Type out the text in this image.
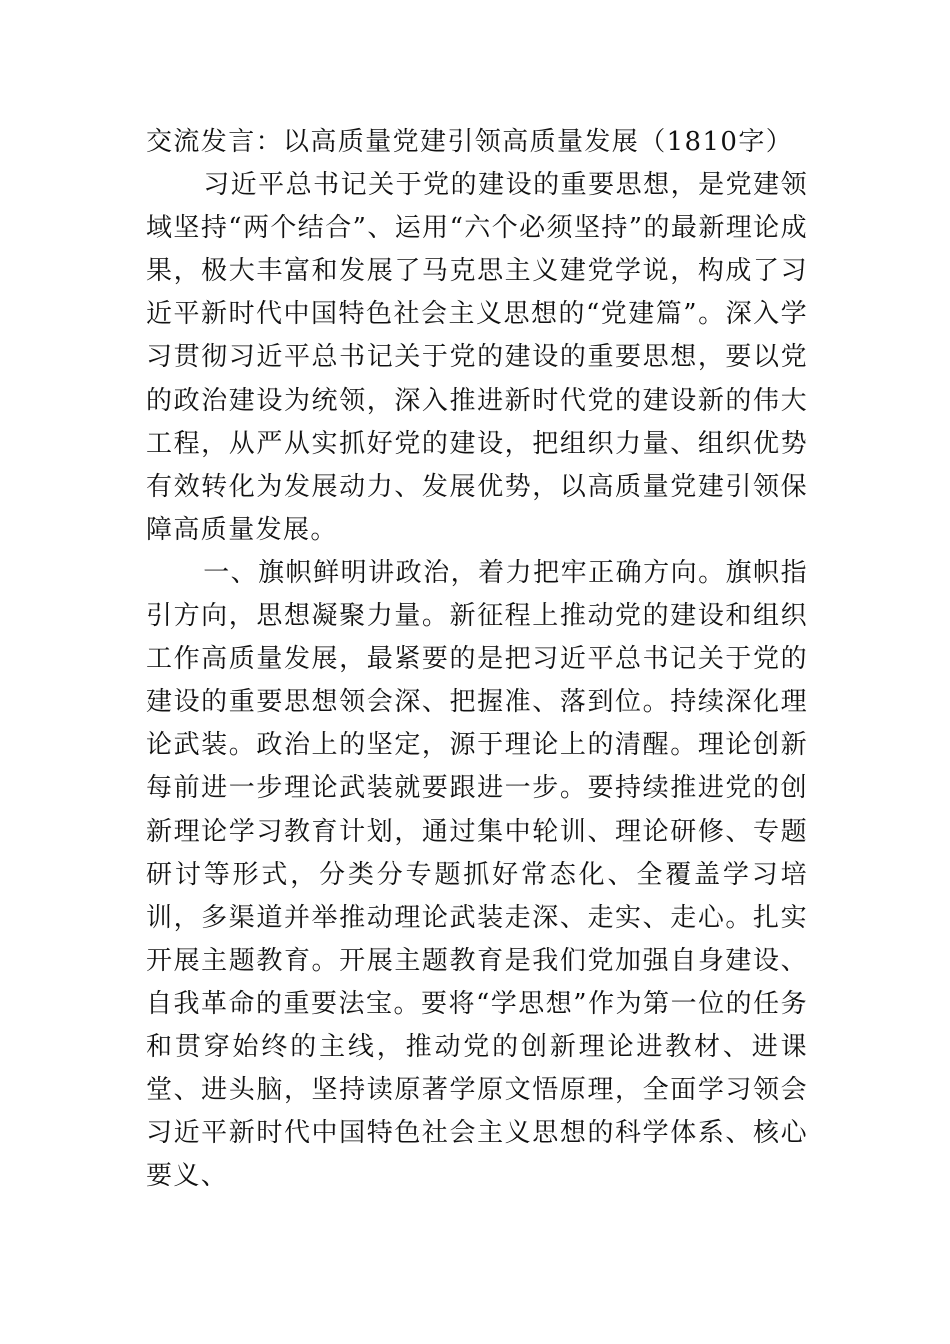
交流发言：以高质量党建引领高质量发展（1810字）

习近平总书记关于党的建设的重要思想，是党建领域坚持“两个结合”、运用“六个必须坚持”的最新理论成果，极大丰富和发展了马克思主义建党学说，构成了习近平新时代中国特色社会主义思想的“党建篇”。深入学习贯彻习近平总书记关于党的建设的重要思想，要以党的政治建设为统领，深入推进新时代党的建设新的伟大工程，从严从实抓好党的建设，把组织力量、组织优势有效转化为发展动力、发展优势，以高质量党建引领保障高质量发展。

一、旗帜鲜明讲政治，着力把牢正确方向。旗帜指引方向，思想凝聚力量。新征程上推动党的建设和组织工作高质量发展，最紧要的是把习近平总书记关于党的建设的重要思想领会深、把握准、落到位。持续深化理论武装。政治上的坚定，源于理论上的清醒。理论创新每前进一步理论武装就要跟进一步。要持续推进党的创新理论学习教育计划，通过集中轮训、理论研修、专题研讨等形式，分类分专题抓好常态化、全覆盖学习培训，多渠道并举推动理论武装走深、走实、走心。扎实开展主题教育。开展主题教育是我们党加强自身建设、自我革命的重要法宝。要将“学思想”作为第一位的任务和贯穿始终的主线，推动党的创新理论进教材、进课堂、进头脑，坚持读原著学原文悟原理，全面学习领会习近平新时代中国特色社会主义思想的科学体系、核心要义、
